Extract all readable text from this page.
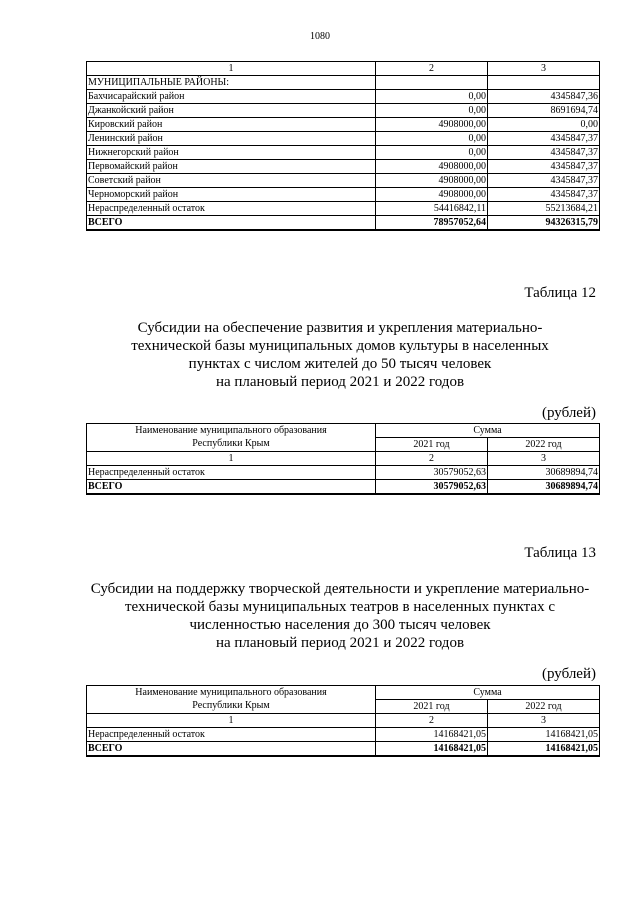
1080
1	2	3
МУНИЦИПАЛЬНЫЕ РАЙОНЫ:		
Бахчисарайский район	0,00	4345847,36
Джанкойский район	0,00	8691694,74
Кировский район	4908000,00	0,00
Ленинский район	0,00	4345847,37
Нижнегорский район	0,00	4345847,37
Первомайский район	4908000,00	4345847,37
Советский район	4908000,00	4345847,37
Черноморский район	4908000,00	4345847,37
Нераспределенный остаток	54416842,11	55213684,21
ВСЕГО	78957052,64	94326315,79
Таблица 12
Субсидии на обеспечение развития и укрепления материально-
технической базы муниципальных домов культуры в населенных
пунктах с числом жителей до 50 тысяч человек
на плановый период 2021 и 2022 годов
(рублей)
Наименование муниципального образования
Республики Крым	Сумма	
	2021 год	2022 год
1	2	3
Нераспределенный остаток	30579052,63	30689894,74
ВСЕГО	30579052,63	30689894,74
Таблица 13
Субсидии на поддержку творческой деятельности и укрепление материально-
технической базы муниципальных театров в населенных пунктах с
численностью населения до 300 тысяч человек
на плановый период 2021 и 2022 годов
(рублей)
Наименование муниципального образования
Республики Крым	Сумма	
	2021 год	2022 год
1	2	3
Нераспределенный остаток	14168421,05	14168421,05
ВСЕГО	14168421,05	14168421,05
